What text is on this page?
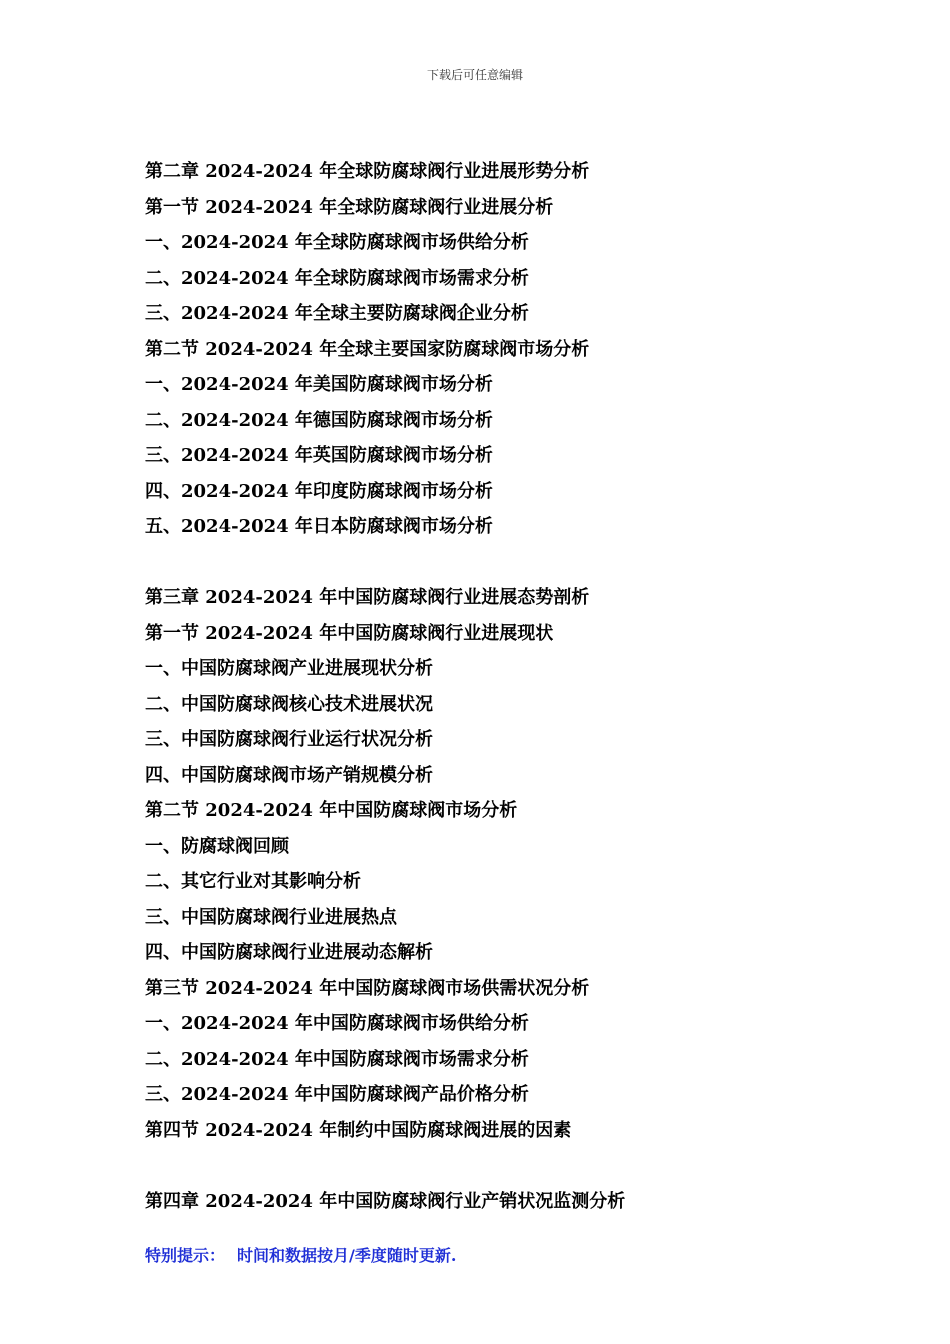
下载后可任意编辑
第二章 2024-2024 年全球防腐球阀行业进展形势分析
第一节 2024-2024 年全球防腐球阀行业进展分析
一、2024-2024 年全球防腐球阀市场供给分析
二、2024-2024 年全球防腐球阀市场需求分析
三、2024-2024 年全球主要防腐球阀企业分析
第二节 2024-2024 年全球主要国家防腐球阀市场分析
一、2024-2024 年美国防腐球阀市场分析
二、2024-2024 年德国防腐球阀市场分析
三、2024-2024 年英国防腐球阀市场分析
四、2024-2024 年印度防腐球阀市场分析
五、2024-2024 年日本防腐球阀市场分析
第三章 2024-2024 年中国防腐球阀行业进展态势剖析
第一节 2024-2024 年中国防腐球阀行业进展现状
一、中国防腐球阀产业进展现状分析
二、中国防腐球阀核心技术进展状况
三、中国防腐球阀行业运行状况分析
四、中国防腐球阀市场产销规模分析
第二节 2024-2024 年中国防腐球阀市场分析
一、防腐球阀回顾
二、其它行业对其影响分析
三、中国防腐球阀行业进展热点
四、中国防腐球阀行业进展动态解析
第三节 2024-2024 年中国防腐球阀市场供需状况分析
一、2024-2024 年中国防腐球阀市场供给分析
二、2024-2024 年中国防腐球阀市场需求分析
三、2024-2024 年中国防腐球阀产品价格分析
第四节 2024-2024 年制约中国防腐球阀进展的因素
第四章 2024-2024 年中国防腐球阀行业产销状况监测分析
特别提示： 时间和数据按月/季度随时更新.
